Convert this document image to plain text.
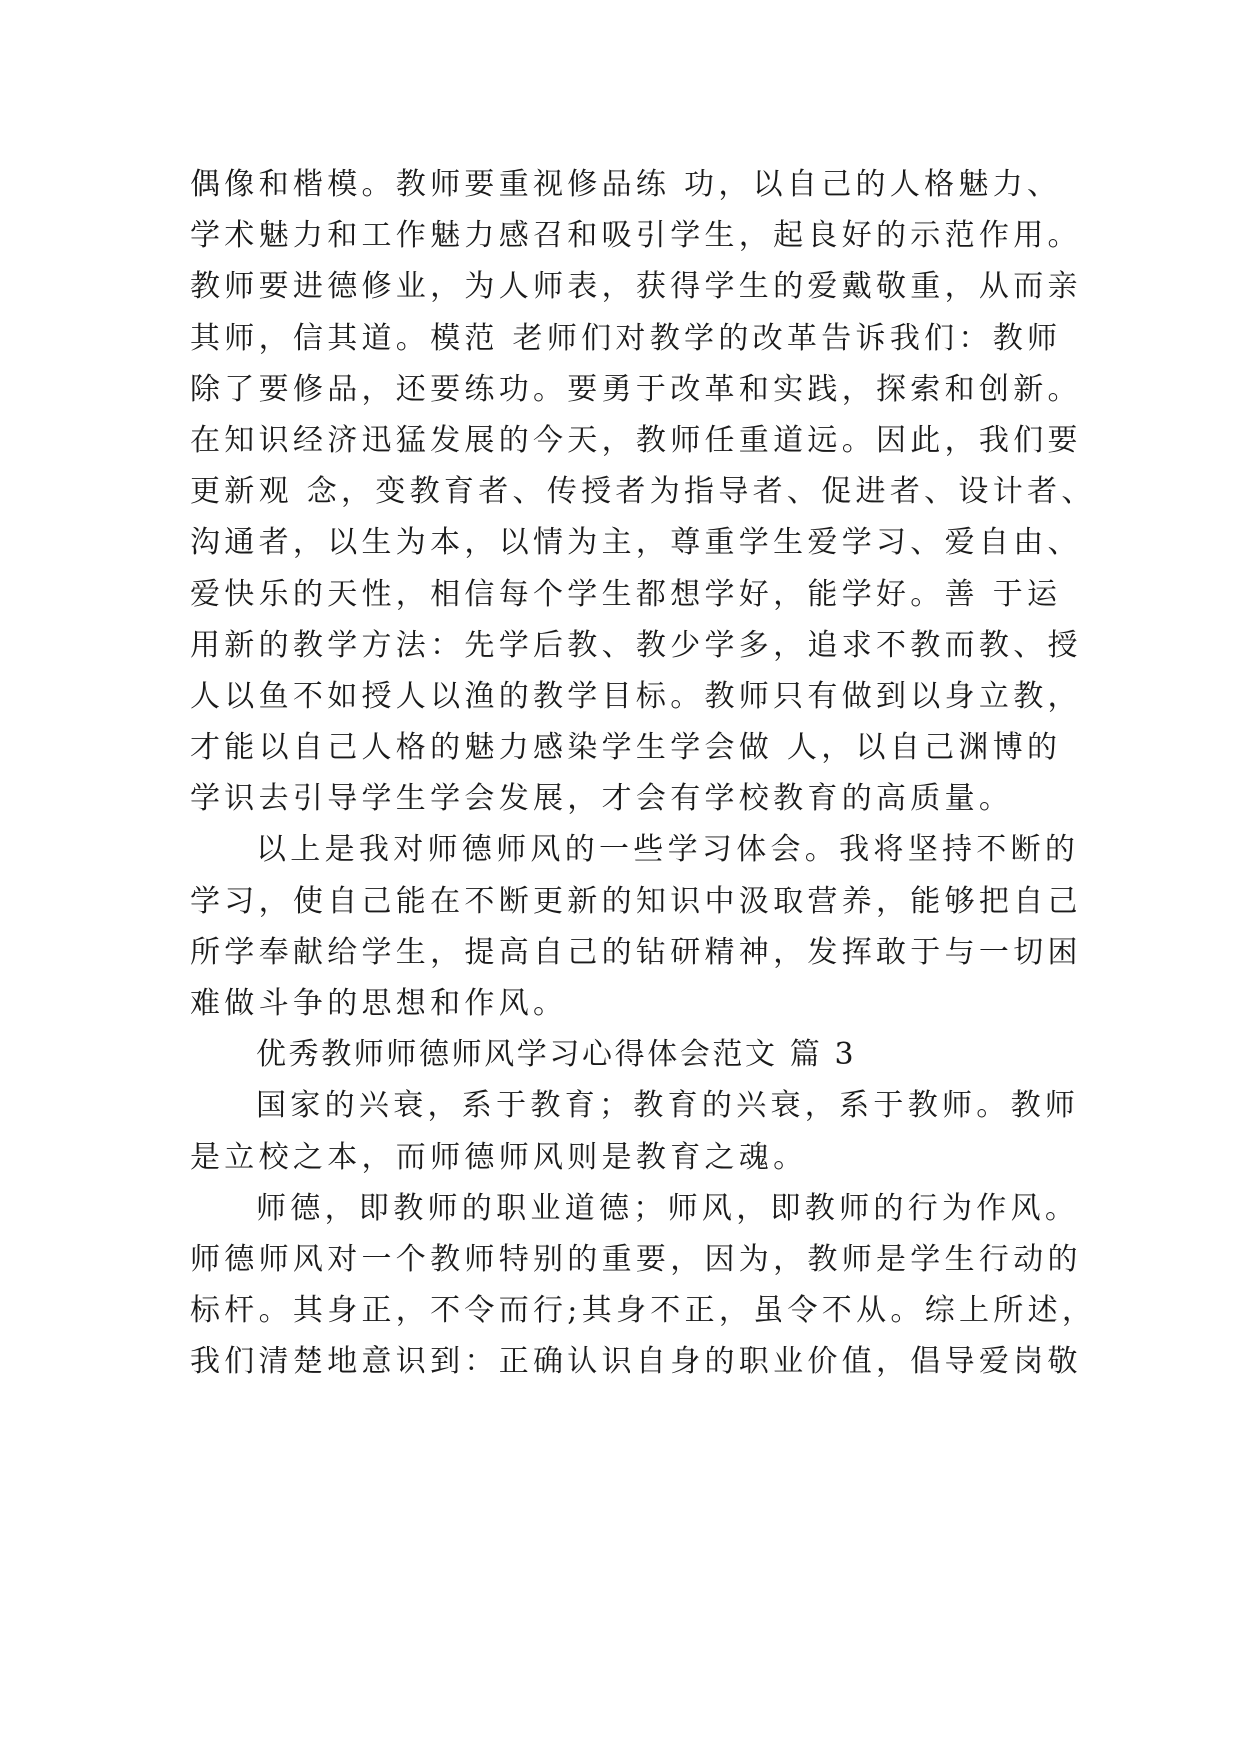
偶像和楷模。教师要重视修品练 功，以自己的人格魅力、
学术魅力和工作魅力感召和吸引学生，起良好的示范作用。
教师要进德修业，为人师表，获得学生的爱戴敬重，从而亲
其师，信其道。模范 老师们对教学的改革告诉我们：教师
除了要修品，还要练功。要勇于改革和实践，探索和创新。
在知识经济迅猛发展的今天，教师任重道远。因此，我们要
更新观 念，变教育者、传授者为指导者、促进者、设计者、
沟通者，以生为本，以情为主，尊重学生爱学习、爱自由、
爱快乐的天性，相信每个学生都想学好，能学好。善 于运
用新的教学方法：先学后教、教少学多，追求不教而教、授
人以鱼不如授人以渔的教学目标。教师只有做到以身立教，
才能以自己人格的魅力感染学生学会做 人，以自己渊博的
学识去引导学生学会发展，才会有学校教育的高质量。
以上是我对师德师风的一些学习体会。我将坚持不断的
学习，使自己能在不断更新的知识中汲取营养，能够把自己
所学奉献给学生，提高自己的钻研精神，发挥敢于与一切困
难做斗争的思想和作风。
优秀教师师德师风学习心得体会范文 篇 3
国家的兴衰，系于教育；教育的兴衰，系于教师。教师
是立校之本，而师德师风则是教育之魂。
师德，即教师的职业道德；师风，即教师的行为作风。
师德师风对一个教师特别的重要，因为，教师是学生行动的
标杆。其身正，不令而行;其身不正，虽令不从。综上所述，
我们清楚地意识到：正确认识自身的职业价值，倡导爱岗敬
